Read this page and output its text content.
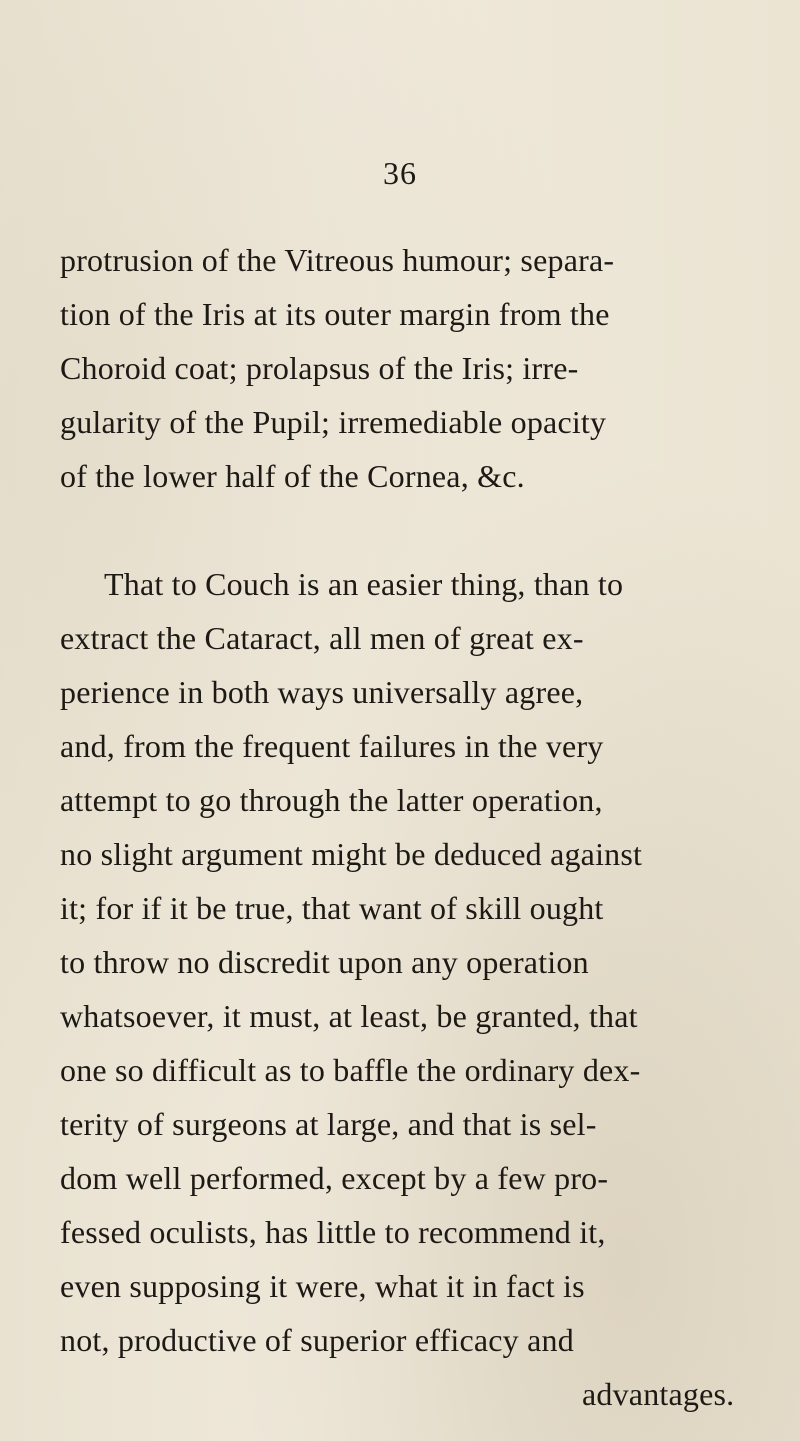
36
protrusion of the Vitreous humour; separa-
tion of the Iris at its outer margin from the
Choroid coat; prolapsus of the Iris; irre-
gularity of the Pupil; irremediable opacity
of the lower half of the Cornea, &c.
That to Couch is an easier thing, than to
extract the Cataract, all men of great ex-
perience in both ways universally agree,
and, from the frequent failures in the very
attempt to go through the latter operation,
no slight argument might be deduced against
it; for if it be true, that want of skill ought
to throw no discredit upon any operation
whatsoever, it must, at least, be granted, that
one so difficult as to baffle the ordinary dex-
terity of surgeons at large, and that is sel-
dom well performed, except by a few pro-
fessed oculists, has little to recommend it,
even supposing it were, what it in fact is
not, productive of superior efficacy and
advantages.
